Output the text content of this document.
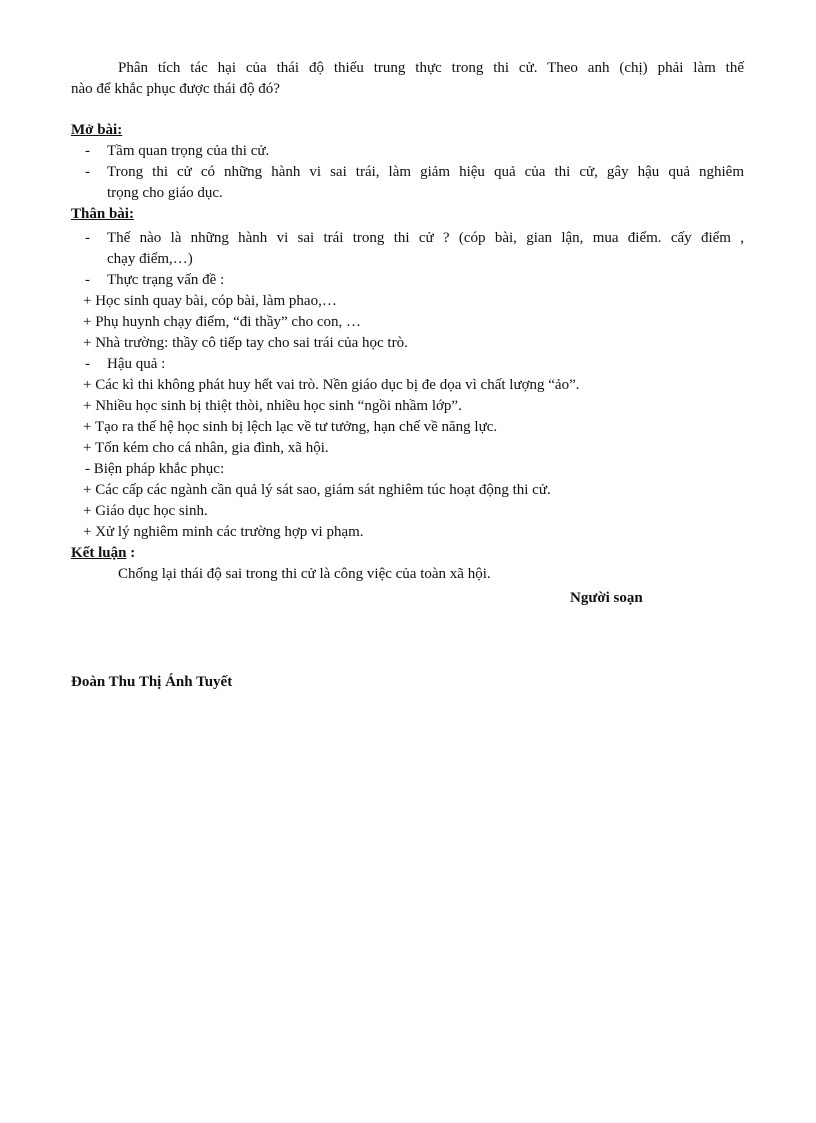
Phân tích tác hại của thái độ thiếu trung thực trong thi cử. Theo anh (chị) phải làm thế
nào để khắc phục được thái độ đó?
Mở bài:
- Tầm quan trọng của thi cử.
- Trong thi cử có những hành vi sai trái, làm giảm hiệu quả của thi cử, gây hậu quả nghiêm
trọng cho giáo dục.
Thân bài:
- Thế nào là những hành vi sai trái trong thi cử ? (cóp bài, gian lận, mua điểm. cấy điểm ,
chạy điểm,…)
- Thực trạng vấn đề :
+ Học sinh quay bài, cóp bài, làm phao,…
+ Phụ huynh chạy điểm, “đi thầy” cho con, …
+ Nhà trường: thầy cô tiếp tay cho sai trái của học trò.
- Hậu quả :
+ Các kì thi không phát huy hết vai trò. Nền giáo dục bị đe dọa vì chất lượng “ảo”.
+ Nhiều học sinh bị thiệt thòi, nhiều học sinh “ngồi nhầm lớp”.
+ Tạo ra thế hệ học sinh bị lệch lạc về tư tưởng, hạn chế về năng lực.
+ Tốn kém cho cá nhân, gia đình, xã hội.
- Biện pháp khắc phục:
+ Các cấp các ngành cần quả lý sát sao, giám sát nghiêm túc hoạt động thi cử.
+ Giáo dục học sinh.
+ Xử lý nghiêm minh các trường hợp vi phạm.
Kết luận :
Chống lại thái độ sai trong thi cử là công việc của toàn xã hội.
Người soạn
Đoàn Thu Thị Ánh Tuyết
